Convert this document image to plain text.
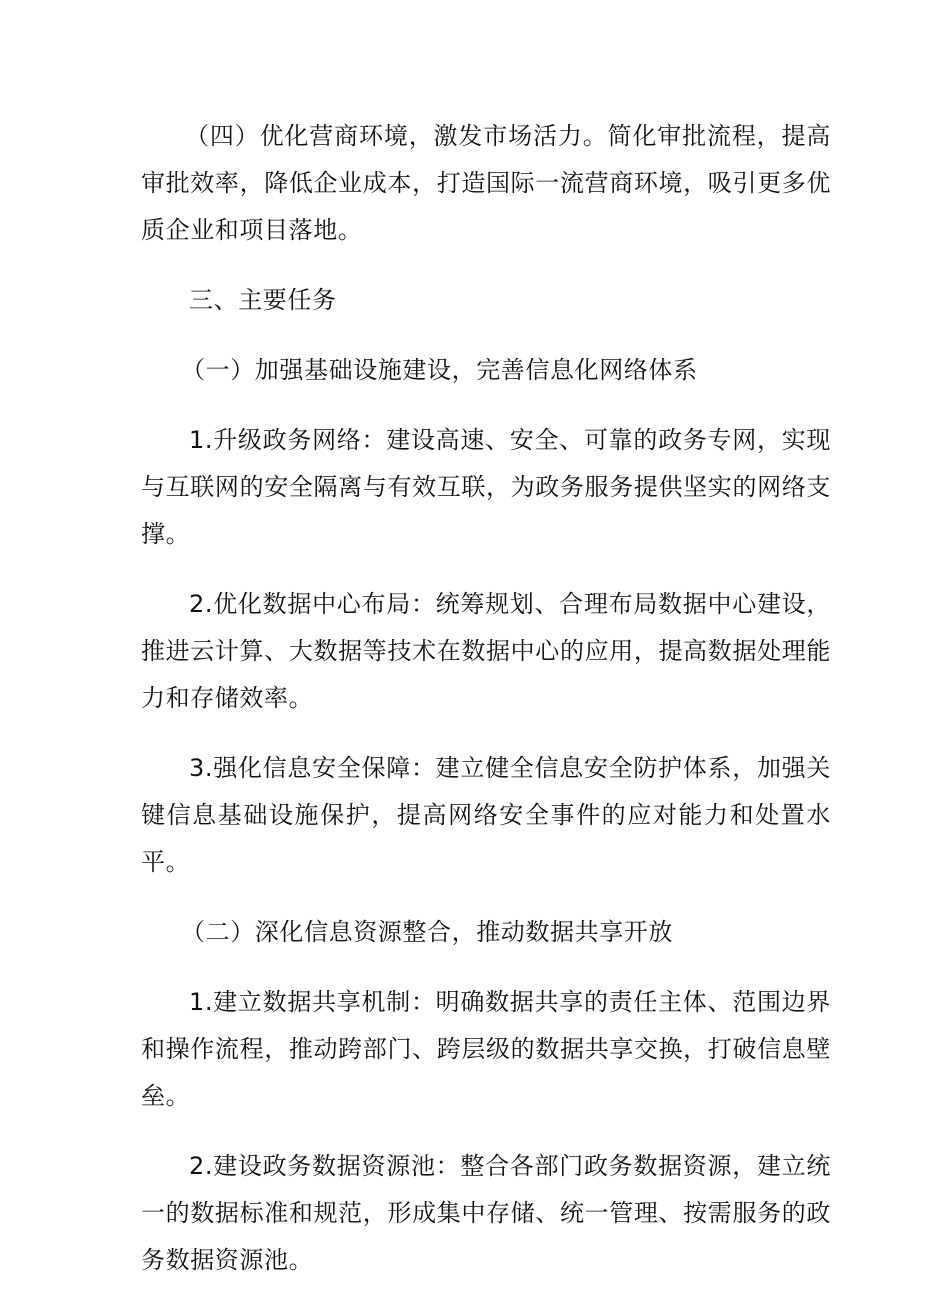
（四）优化营商环境，激发市场活力。简化审批流程，提高审批效率，降低企业成本，打造国际一流营商环境，吸引更多优质企业和项目落地。

三、主要任务

（一）加强基础设施建设，完善信息化网络体系

1.升级政务网络：建设高速、安全、可靠的政务专网，实现与互联网的安全隔离与有效互联，为政务服务提供坚实的网络支撑。

2.优化数据中心布局：统筹规划、合理布局数据中心建设，推进云计算、大数据等技术在数据中心的应用，提高数据处理能力和存储效率。

3.强化信息安全保障：建立健全信息安全防护体系，加强关键信息基础设施保护，提高网络安全事件的应对能力和处置水平。

（二）深化信息资源整合，推动数据共享开放

1.建立数据共享机制：明确数据共享的责任主体、范围边界和操作流程，推动跨部门、跨层级的数据共享交换，打破信息壁垒。

2.建设政务数据资源池：整合各部门政务数据资源，建立统一的数据标准和规范，形成集中存储、统一管理、按需服务的政务数据资源池。
